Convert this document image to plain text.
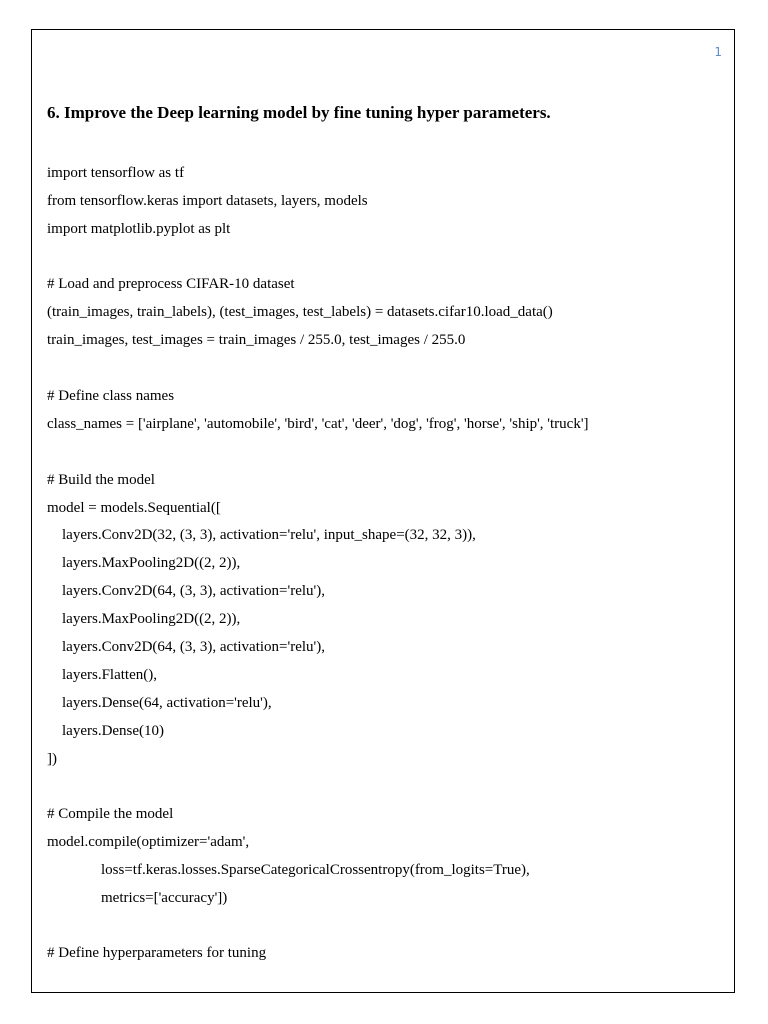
1
6. Improve the Deep learning model by fine tuning hyper parameters.
import tensorflow as tf
from tensorflow.keras import datasets, layers, models
import matplotlib.pyplot as plt
# Load and preprocess CIFAR-10 dataset
(train_images, train_labels), (test_images, test_labels) = datasets.cifar10.load_data()
train_images, test_images = train_images / 255.0, test_images / 255.0
# Define class names
class_names = ['airplane', 'automobile', 'bird', 'cat', 'deer', 'dog', 'frog', 'horse', 'ship', 'truck']
# Build the model
model = models.Sequential([
layers.Conv2D(32, (3, 3), activation='relu', input_shape=(32, 32, 3)),
layers.MaxPooling2D((2, 2)),
layers.Conv2D(64, (3, 3), activation='relu'),
layers.MaxPooling2D((2, 2)),
layers.Conv2D(64, (3, 3), activation='relu'),
layers.Flatten(),
layers.Dense(64, activation='relu'),
layers.Dense(10)
])
# Compile the model
model.compile(optimizer='adam',
loss=tf.keras.losses.SparseCategoricalCrossentropy(from_logits=True),
metrics=['accuracy'])
# Define hyperparameters for tuning
